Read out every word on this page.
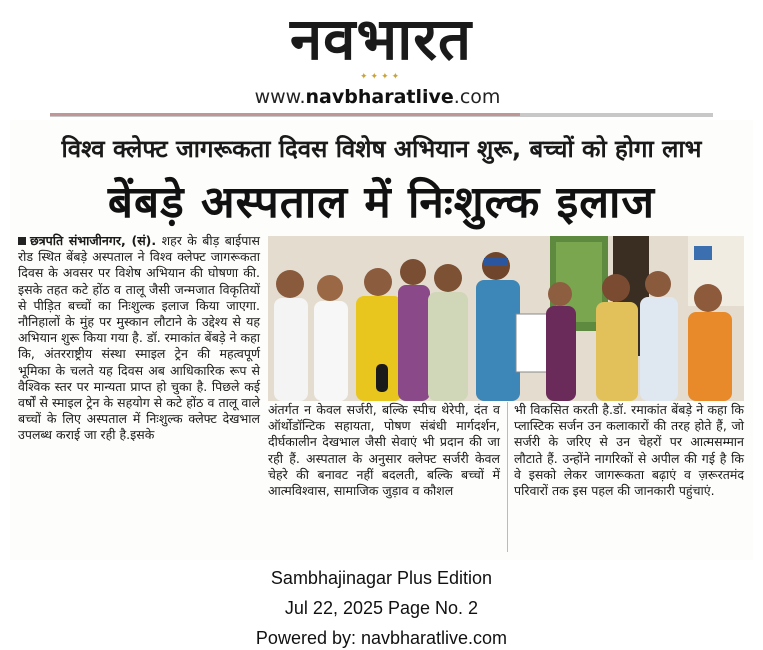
नवभारत
✦✦✦✦
www.navbharatlive.com
विश्व क्लेफ्ट जागरूकता दिवस विशेष अभियान शुरू, बच्चों को होगा लाभ
बेंबड़े अस्पताल में निःशुल्क इलाज
छत्रपति संभाजीनगर, (सं). शहर के बीड़ बाईपास रोड स्थित बेंबड़े अस्पताल ने विश्व क्लेफ्ट जागरूकता दिवस के अवसर पर विशेष अभियान की घोषणा की. इसके तहत कटे होंठ व तालू जैसी जन्मजात विकृतियों से पीड़ित बच्चों का निःशुल्क इलाज किया जाएगा. नौनिहालों के मुंह पर मुस्कान लौटाने के उद्देश्य से यह अभियान शुरू किया गया है. डॉ. रमाकांत बेंबड़े ने कहा कि, अंतरराष्ट्रीय संस्था स्माइल ट्रेन की महत्वपूर्ण भूमिका के चलते यह दिवस अब आधिकारिक रूप से वैश्विक स्तर पर मान्यता प्राप्त हो चुका है. पिछले कई वर्षों से स्माइल ट्रेन के सहयोग से कटे होंठ व तालू वाले बच्चों के लिए अस्पताल में निःशुल्क क्लेफ्ट देखभाल उपलब्ध कराई जा रही है.इसके
अंतर्गत न केवल सर्जरी, बल्कि स्पीच थेरेपी, दंत व ऑर्थोडॉन्टिक सहायता, पोषण संबंधी मार्गदर्शन, दीर्घकालीन देखभाल जैसी सेवाएं भी प्रदान की जा रही हैं. अस्पताल के अनुसार क्लेफ्ट सर्जरी केवल चेहरे की बनावट नहीं बदलती, बल्कि बच्चों में आत्मविश्वास, सामाजिक जुड़ाव व कौशल
भी विकसित करती है.डॉ. रमाकांत बेंबड़े ने कहा कि प्लास्टिक सर्जन उन कलाकारों की तरह होते हैं, जो सर्जरी के जरिए से उन चेहरों पर आत्मसम्मान लौटाते हैं. उन्होंने नागरिकों से अपील की गई है कि वे इसको लेकर जागरूकता बढ़ाएं व ज़रूरतमंद परिवारों तक इस पहल की जानकारी पहुंचाएं.
Sambhajinagar Plus Edition
Jul 22, 2025 Page No. 2
Powered by: navbharatlive.com
